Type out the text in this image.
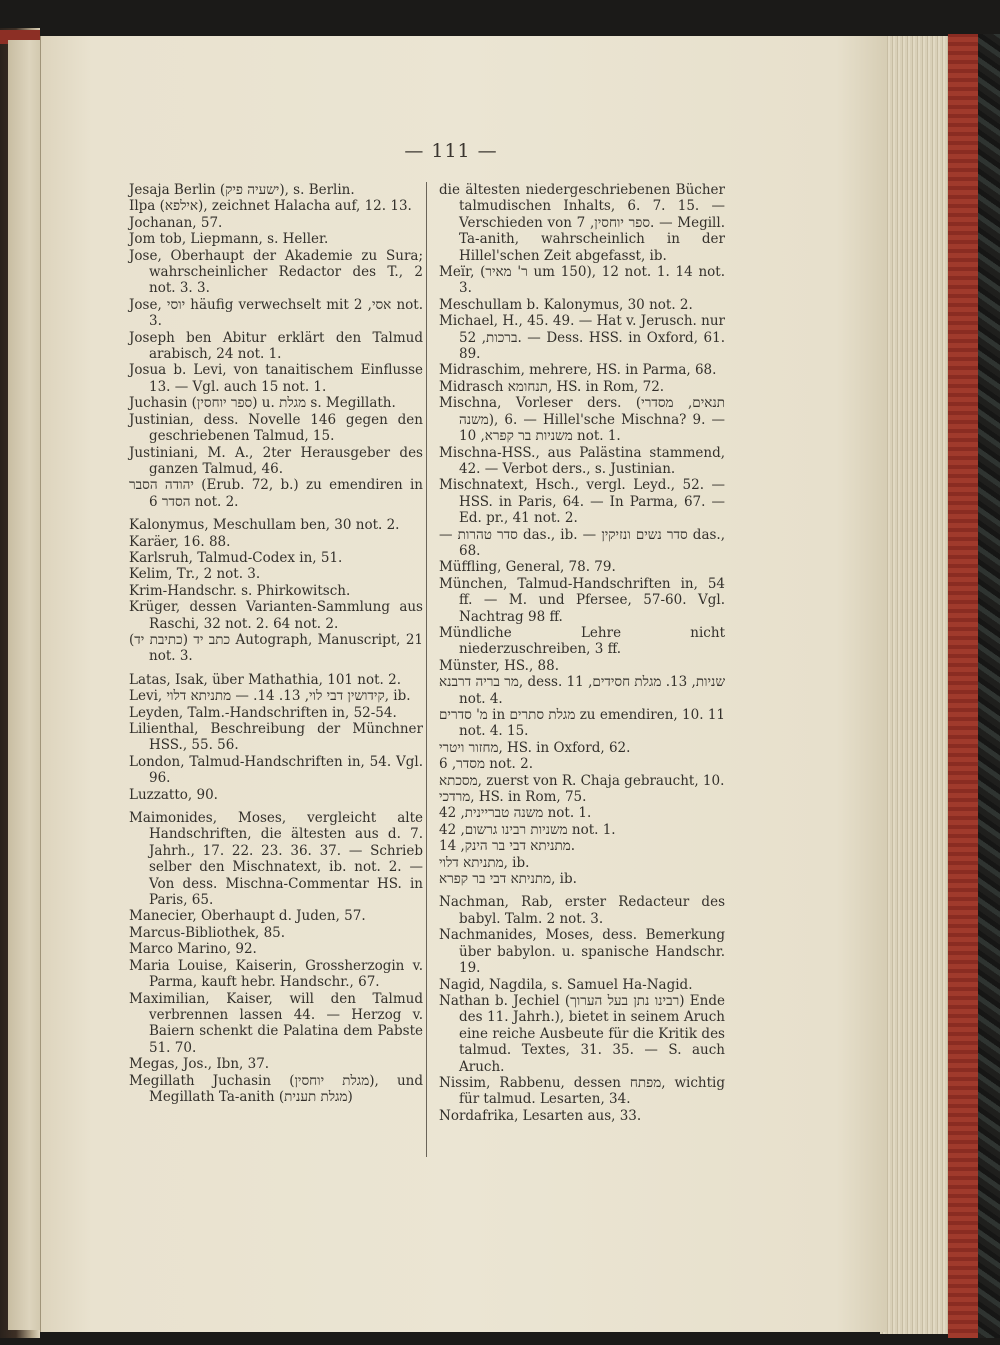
— 111 —

Jesaja Berlin (ישעיה פיק), s. Berlin.

Ilpa (אילפא), zeichnet Halacha auf, 12. 13.

Jochanan, 57.

Jom tob, Liepmann, s. Heller.

Jose, Oberhaupt der Akademie zu Sura; wahrscheinlicher Redactor des T., 2 not. 3. 3.

Jose, יוסי häufig verwechselt mit אסי, 2 not. 3.

Joseph ben Abitur erklärt den Talmud arabisch, 24 not. 1.

Josua b. Levi, von tanaitischem Einflusse 13. — Vgl. auch 15 not. 1.

Juchasin (ספר יוחסין) u. מגלת s. Megillath.

Justinian, dess. Novelle 146 gegen den geschriebenen Talmud, 15.

Justiniani, M. A., 2ter Herausgeber des ganzen Talmud, 46.

יהודה הסבר (Erub. 72, b.) zu emendiren in הסדר 6 not. 2.

Kalonymus, Meschullam ben, 30 not. 2.

Karäer, 16. 88.

Karlsruh, Talmud-Codex in, 51.

Kelim, Tr., 2 not. 3.

Krim-Handschr. s. Phirkowitsch.

Krüger, dessen Varianten-Sammlung aus Raschi, 32 not. 2. 64 not. 2.

כתב יד (כתיבת יד) Autograph, Manuscript, 21 not. 3.

Latas, Isak, über Mathathia, 101 not. 2.

Levi, קידושין דבי לוי, 13. 14. — מתניתא דלוי, ib.

Leyden, Talm.-Handschriften in, 52-54.

Lilienthal, Beschreibung der Münchner HSS., 55. 56.

London, Talmud-Handschriften in, 54. Vgl. 96.

Luzzatto, 90.

Maimonides, Moses, vergleicht alte Handschriften, die ältesten aus d. 7. Jahrh., 17. 22. 23. 36. 37. — Schrieb selber den Mischnatext, ib. not. 2. — Von dess. Mischna-Commentar HS. in Paris, 65.

Manecier, Oberhaupt d. Juden, 57.

Marcus-Bibliothek, 85.

Marco Marino, 92.

Maria Louise, Kaiserin, Grossherzogin v. Parma, kauft hebr. Handschr., 67.

Maximilian, Kaiser, will den Talmud verbrennen lassen 44. — Herzog v. Baiern schenkt die Palatina dem Pabste 51. 70.

Megas, Jos., Ibn, 37.

Megillath Juchasin (מגלת יוחסין), und Megillath Ta-anith (מגלת תענית)

die ältesten niedergeschriebenen Bücher talmudischen Inhalts, 6. 7. 15. — Verschieden von ספר יוחסין, 7. — Megill. Ta-anith, wahrscheinlich in der Hillel'schen Zeit abgefasst, ib.

Meïr, (ר' מאיר um 150), 12 not. 1. 14 not. 3.

Meschullam b. Kalonymus, 30 not. 2.

Michael, H., 45. 49. — Hat v. Jerusch. nur ברכות, 52. — Dess. HSS. in Oxford, 61. 89.

Midraschim, mehrere, HS. in Parma, 68.

Midrasch תנחומא, HS. in Rom, 72.

Mischna, Vorleser ders. (תנאים, מסדרי משנה), 6. — Hillel'sche Mischna? 9. — משניות בר קפרא, 10 not. 1.

Mischna-HSS., aus Palästina stammend, 42. — Verbot ders., s. Justinian.

Mischnatext, Hsch., vergl. Leyd., 52. — HSS. in Paris, 64. — In Parma, 67. — Ed. pr., 41 not. 2.

— סדר טהרות das., ib. — סדר נשים ונזיקין das., 68.

Müffling, General, 78. 79.

München, Talmud-Handschriften in, 54 ff. — M. und Pfersee, 57-60. Vgl. Nachtrag 98 ff.

Mündliche Lehre nicht niederzuschreiben, 3 ff.

Münster, HS., 88.

מר בריה דרבנא, dess. שניות, 13. מגלת חסידים, 11 not. 4.

מ' סדרים in מגלת סתרים zu emendiren, 10. 11 not. 4. 15.

מחזור ויטרי, HS. in Oxford, 62.

מסדר, 6 not. 2.

מסכתא, zuerst von R. Chaja gebraucht, 10.

מרדכי, HS. in Rom, 75.

משנה טבריינית, 42 not. 1.

משניות רבינו גרשום, 42 not. 1.

מתניתא דבי בר הינק, 14.

מתניתא דלוי, ib.

מתניתא דבי בר קפרא, ib.

Nachman, Rab, erster Redacteur des babyl. Talm. 2 not. 3.

Nachmanides, Moses, dess. Bemerkung über babylon. u. spanische Handschr. 19.

Nagid, Nagdila, s. Samuel Ha-Nagid.

Nathan b. Jechiel (רבינו נתן בעל הערוך) Ende des 11. Jahrh.), bietet in seinem Aruch eine reiche Ausbeute für die Kritik des talmud. Textes, 31. 35. — S. auch Aruch.

Nissim, Rabbenu, dessen מפתח, wichtig für talmud. Lesarten, 34.

Nordafrika, Lesarten aus, 33.
